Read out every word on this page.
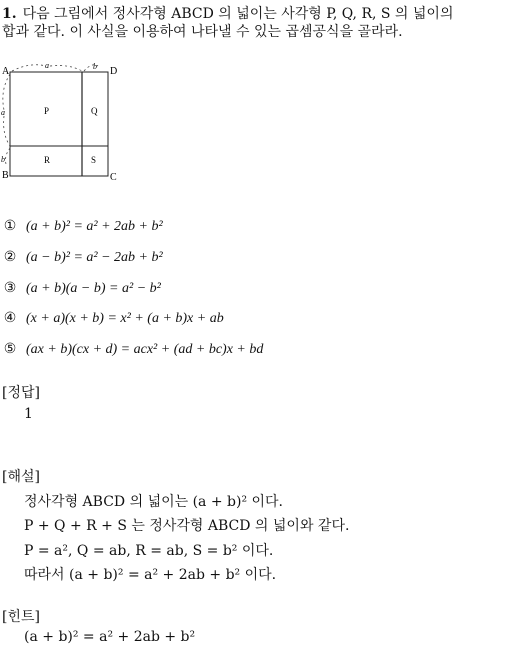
1. 다음 그림에서 정사각형 ABCD 의 넓이는 사각형 P, Q, R, S 의 넓이의
합과 같다. 이 사실을 이용하여 나타낼 수 있는 곱셈공식을 골라라.
A	D
B	C
a	b
a
b
P	Q
R	S
① (a + b)² = a² + 2ab + b²
② (a − b)² = a² − 2ab + b²
③ (a + b)(a − b) = a² − b²
④ (x + a)(x + b) = x² + (a + b)x + ab
⑤ (ax + b)(cx + d) = acx² + (ad + bc)x + bd
[정답]
1
[해설]
정사각형 ABCD 의 넓이는 (a + b)² 이다.
P + Q + R + S 는 정사각형 ABCD 의 넓이와 같다.
P = a², Q = ab, R = ab, S = b² 이다.
따라서 (a + b)² = a² + 2ab + b² 이다.
[힌트]
(a + b)² = a² + 2ab + b²
